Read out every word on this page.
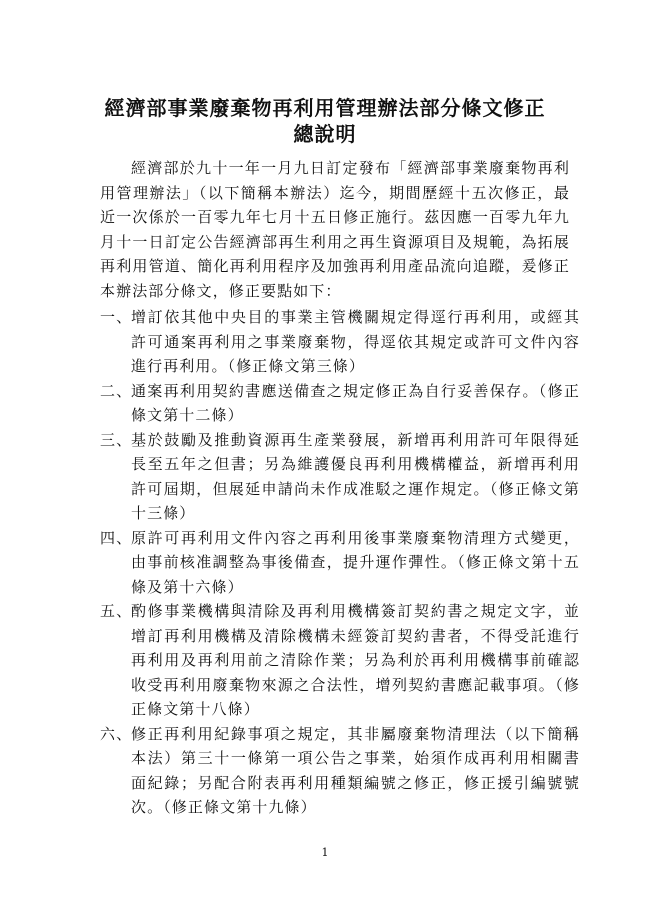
經濟部事業廢棄物再利用管理辦法部分條文修正
總說明
經濟部於九十一年一月九日訂定發布「經濟部事業廢棄物再利用管理辦法」（以下簡稱本辦法）迄今，期間歷經十五次修正，最近一次係於一百零九年七月十五日修正施行。茲因應一百零九年九月十一日訂定公告經濟部再生利用之再生資源項目及規範，為拓展再利用管道、簡化再利用程序及加強再利用產品流向追蹤，爰修正本辦法部分條文，修正要點如下：
一、
增訂依其他中央目的事業主管機關規定得逕行再利用，或經其許可通案再利用之事業廢棄物，得逕依其規定或許可文件內容進行再利用。（修正條文第三條）
二、
通案再利用契約書應送備查之規定修正為自行妥善保存。（修正條文第十二條）
三、
基於鼓勵及推動資源再生產業發展，新增再利用許可年限得延長至五年之但書；另為維護優良再利用機構權益，新增再利用許可屆期，但展延申請尚未作成准駁之運作規定。（修正條文第十三條）
四、
原許可再利用文件內容之再利用後事業廢棄物清理方式變更，由事前核准調整為事後備查，提升運作彈性。（修正條文第十五條及第十六條）
五、
酌修事業機構與清除及再利用機構簽訂契約書之規定文字，並增訂再利用機構及清除機構未經簽訂契約書者，不得受託進行再利用及再利用前之清除作業；另為利於再利用機構事前確認收受再利用廢棄物來源之合法性，增列契約書應記載事項。（修正條文第十八條）
六、
修正再利用紀錄事項之規定，其非屬廢棄物清理法（以下簡稱本法）第三十一條第一項公告之事業，始須作成再利用相關書面紀錄；另配合附表再利用種類編號之修正，修正援引編號號次。（修正條文第十九條）
1
